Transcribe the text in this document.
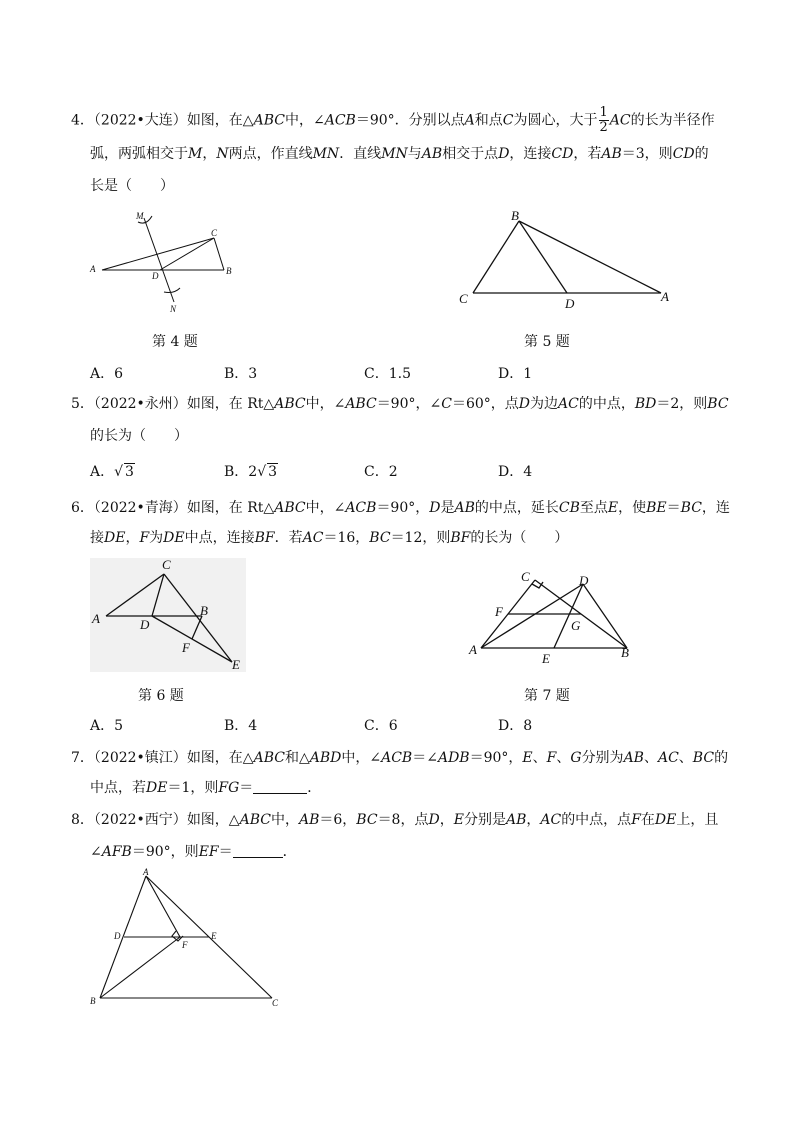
4．（2022•大连）如图，在△ABC中，∠ACB＝90°．分别以点A和点C为圆心，大于 $\frac{1}{2}$ AC的长为半径作
弧，两弧相交于M，N两点，作直线MN．直线MN与AB相交于点D，连接CD，若AB＝3，则CD的
长是（　　）
M
N
A	B
C
D
第 4 题
B
C	D	A
第 5 题
A．6	B．3	C．1.5	D．1
5．（2022•永州）如图，在 Rt△ABC中，∠ABC＝90°，∠C＝60°，点D为边AC的中点，BD＝2，则BC
的长为（　　）
A．√ 3	B．2√ 3	C．2	D．4
6．（2022•青海）如图，在 Rt△ABC中，∠ACB＝90°，D是AB的中点，延长CB至点E，使BE＝BC，连
接DE，F为DE中点，连接BF．若AC＝16，BC＝12，则BF的长为（　　）
C
A
B
D
F
E
第 6 题
C	D
F
G
A
E	B
第 7 题
A．5	B．4	C．6	D．8
7．（2022•镇江）如图，在△ABC和△ABD中，∠ACB＝∠ADB＝90°，E、F、G分别为AB、AC、BC的
中点，若DE＝1，则FG＝	．
8．（2022•西宁）如图，△ABC中，AB＝6，BC＝8，点D，E分别是AB，AC的中点，点F在DE上，且
∠AFB＝90°，则EF＝	．
A
D	E
F
B	C
